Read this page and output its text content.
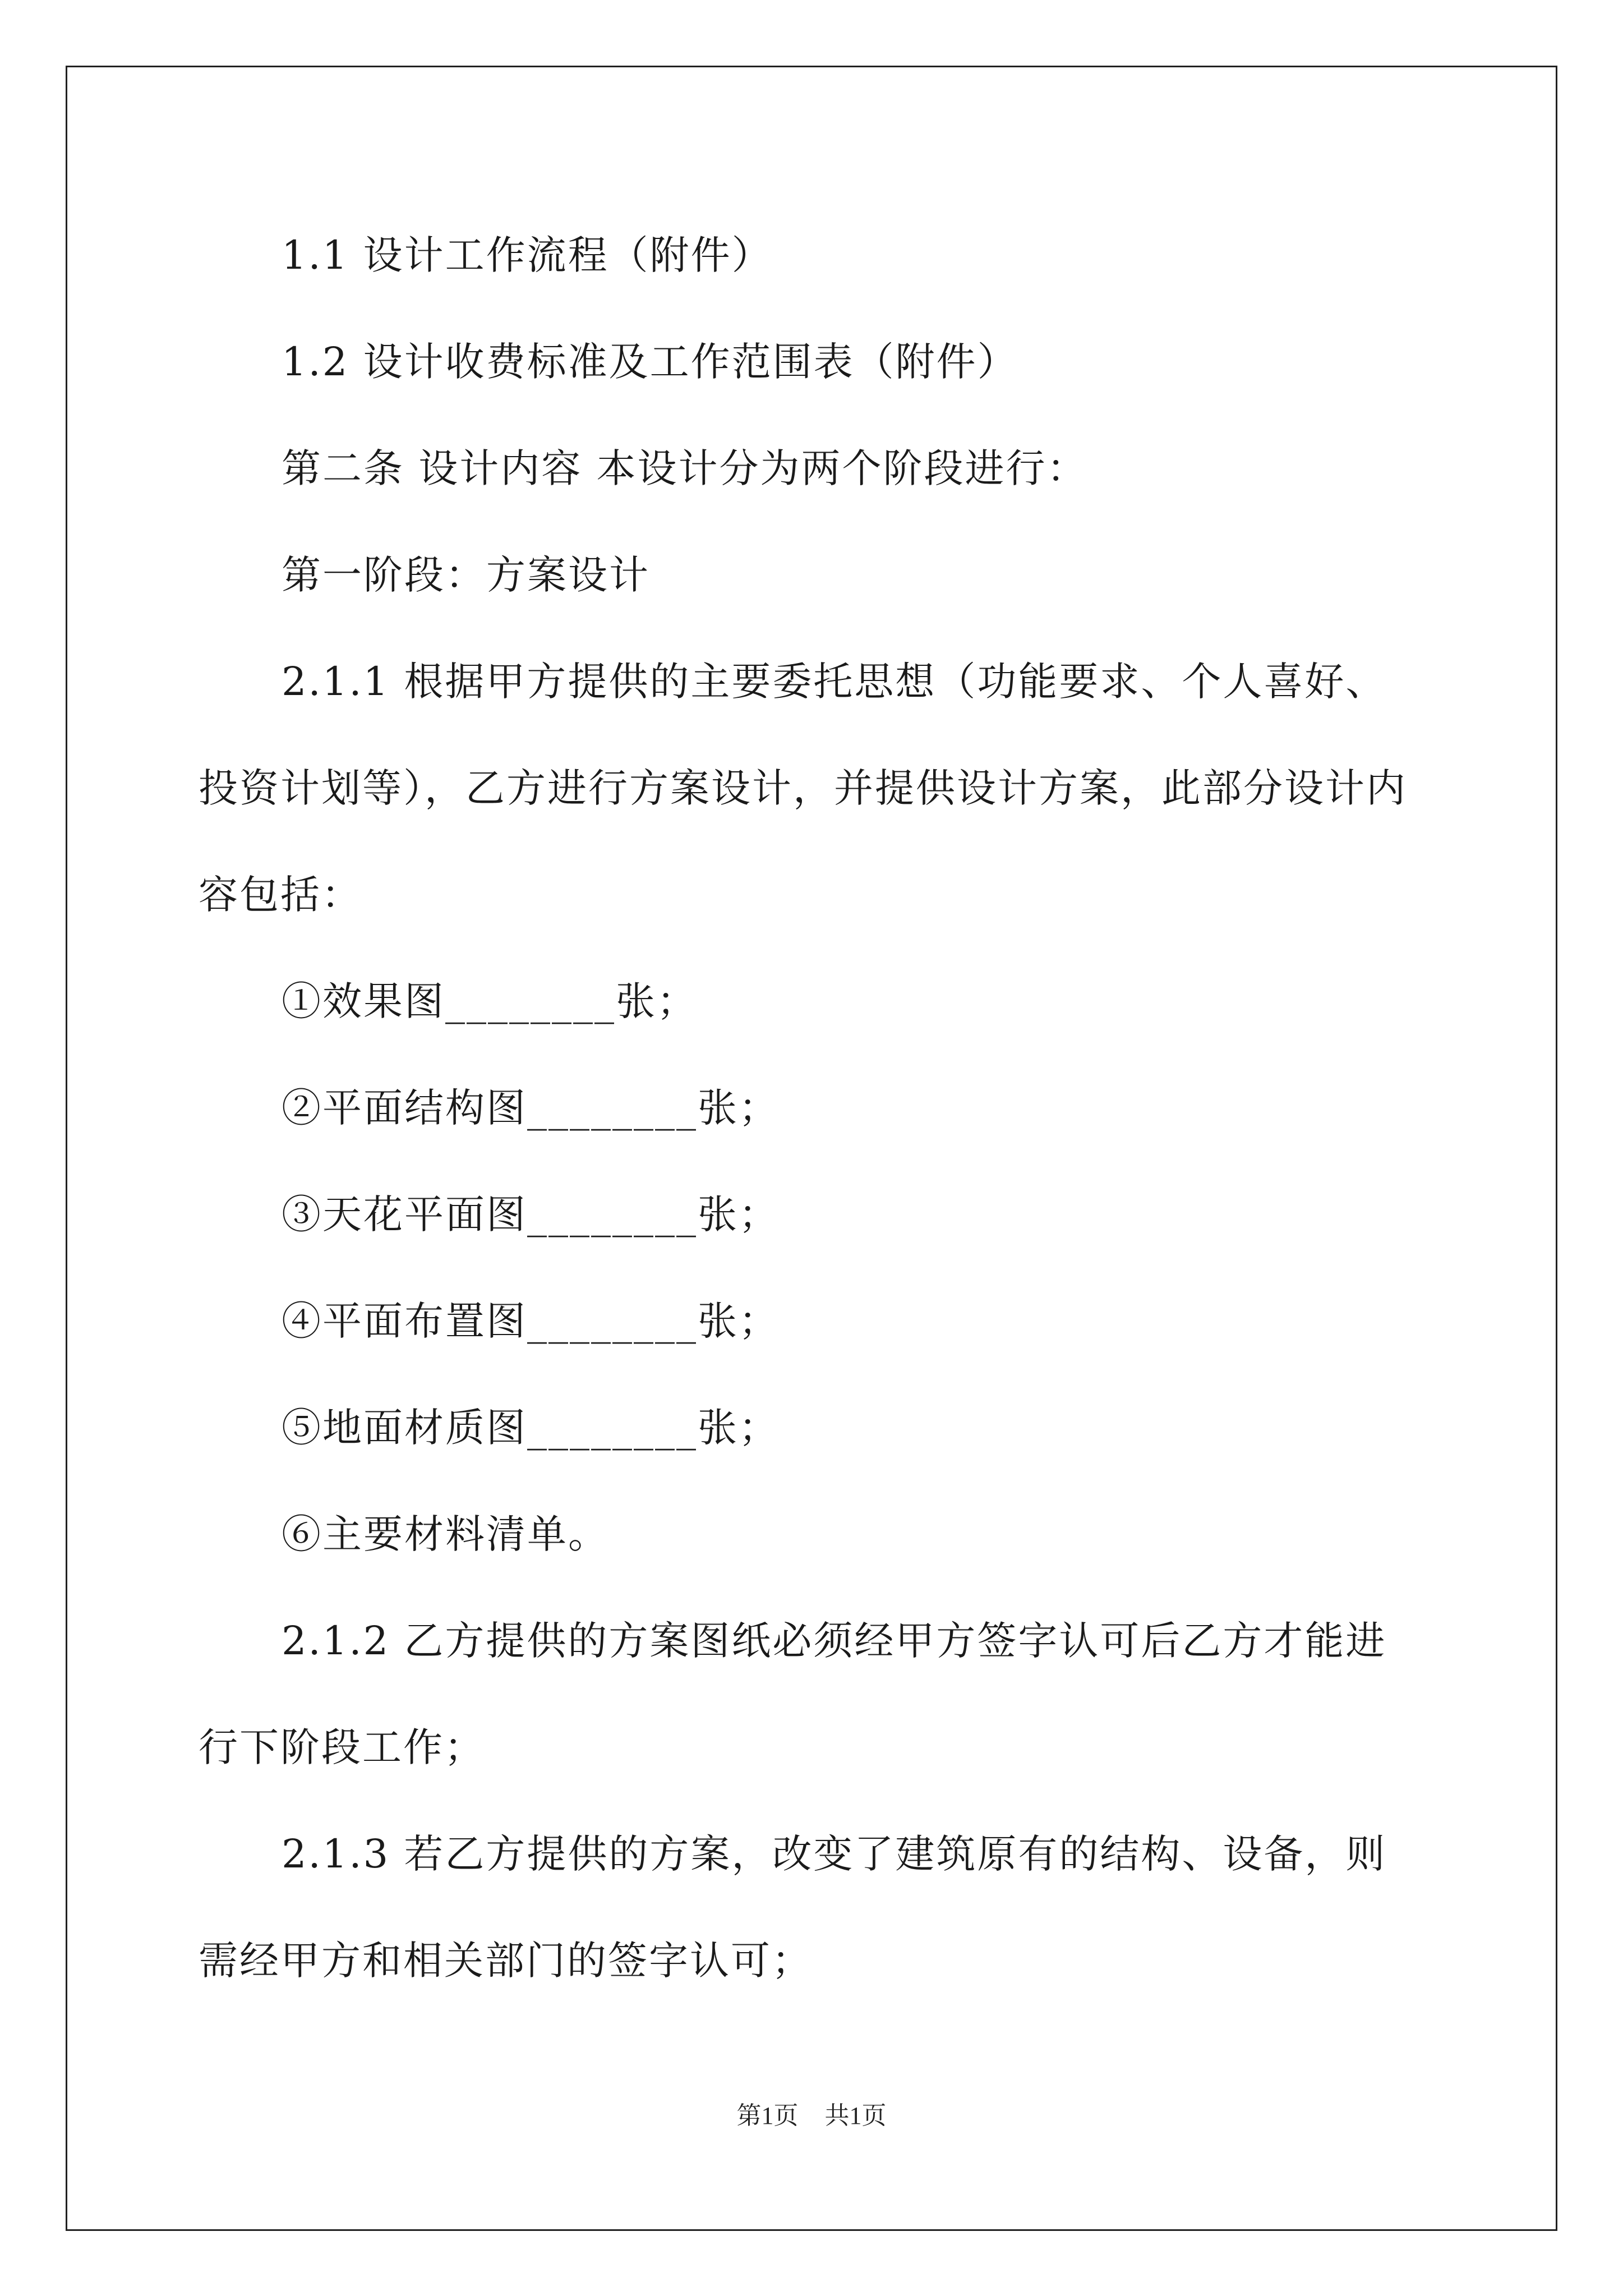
1.1 设计工作流程（附件）

1.2 设计收费标准及工作范围表（附件）

第二条 设计内容 本设计分为两个阶段进行：

第一阶段：方案设计

2.1.1 根据甲方提供的主要委托思想（功能要求、个人喜好、投资计划等），乙方进行方案设计，并提供设计方案，此部分设计内容包括：

①效果图________张；

②平面结构图________张；

③天花平面图________张；

④平面布置图________张；

⑤地面材质图________张；

⑥主要材料清单。

2.1.2 乙方提供的方案图纸必须经甲方签字认可后乙方才能进行下阶段工作；

2.1.3 若乙方提供的方案，改变了建筑原有的结构、设备，则需经甲方和相关部门的签字认可；

第1页 共1页
